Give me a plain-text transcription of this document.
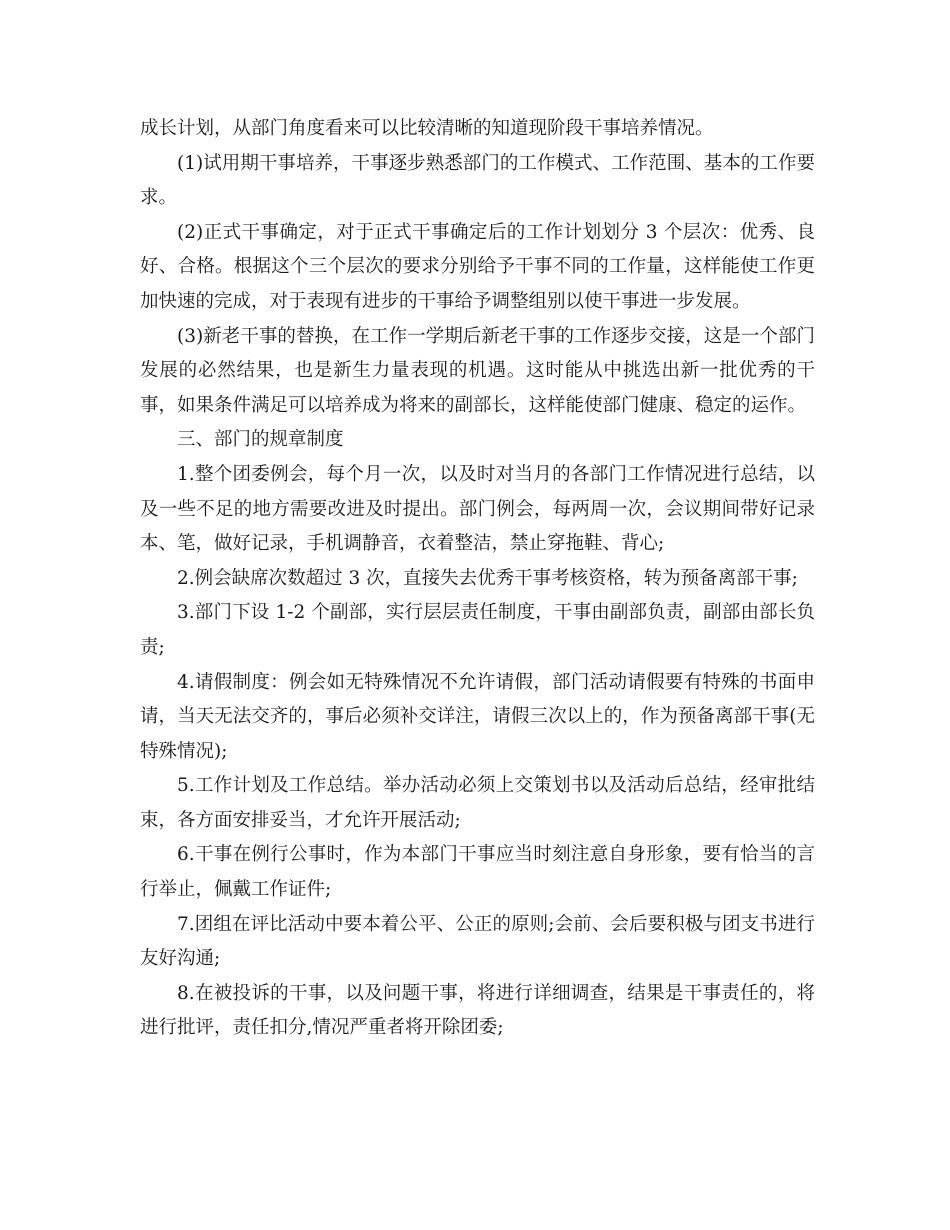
成长计划，从部门角度看来可以比较清晰的知道现阶段干事培养情况。

(1)试用期干事培养，干事逐步熟悉部门的工作模式、工作范围、基本的工作要求。

(2)正式干事确定，对于正式干事确定后的工作计划划分 3 个层次：优秀、良好、合格。根据这个三个层次的要求分别给予干事不同的工作量，这样能使工作更加快速的完成，对于表现有进步的干事给予调整组别以使干事进一步发展。

(3)新老干事的替换，在工作一学期后新老干事的工作逐步交接，这是一个部门发展的必然结果，也是新生力量表现的机遇。这时能从中挑选出新一批优秀的干事，如果条件满足可以培养成为将来的副部长，这样能使部门健康、稳定的运作。

三、部门的规章制度

1.整个团委例会，每个月一次，以及时对当月的各部门工作情况进行总结，以及一些不足的地方需要改进及时提出。部门例会，每两周一次，会议期间带好记录本、笔，做好记录，手机调静音，衣着整洁，禁止穿拖鞋、背心;

2.例会缺席次数超过 3 次，直接失去优秀干事考核资格，转为预备离部干事;

3.部门下设 1-2 个副部，实行层层责任制度，干事由副部负责，副部由部长负责;

4.请假制度：例会如无特殊情况不允许请假，部门活动请假要有特殊的书面申请，当天无法交齐的，事后必须补交详注，请假三次以上的，作为预备离部干事(无特殊情况);

5.工作计划及工作总结。举办活动必须上交策划书以及活动后总结，经审批结束，各方面安排妥当，才允许开展活动;

6.干事在例行公事时，作为本部门干事应当时刻注意自身形象，要有恰当的言行举止，佩戴工作证件;

7.团组在评比活动中要本着公平、公正的原则;会前、会后要积极与团支书进行友好沟通;

8.在被投诉的干事，以及问题干事，将进行详细调查，结果是干事责任的，将进行批评，责任扣分,情况严重者将开除团委;
